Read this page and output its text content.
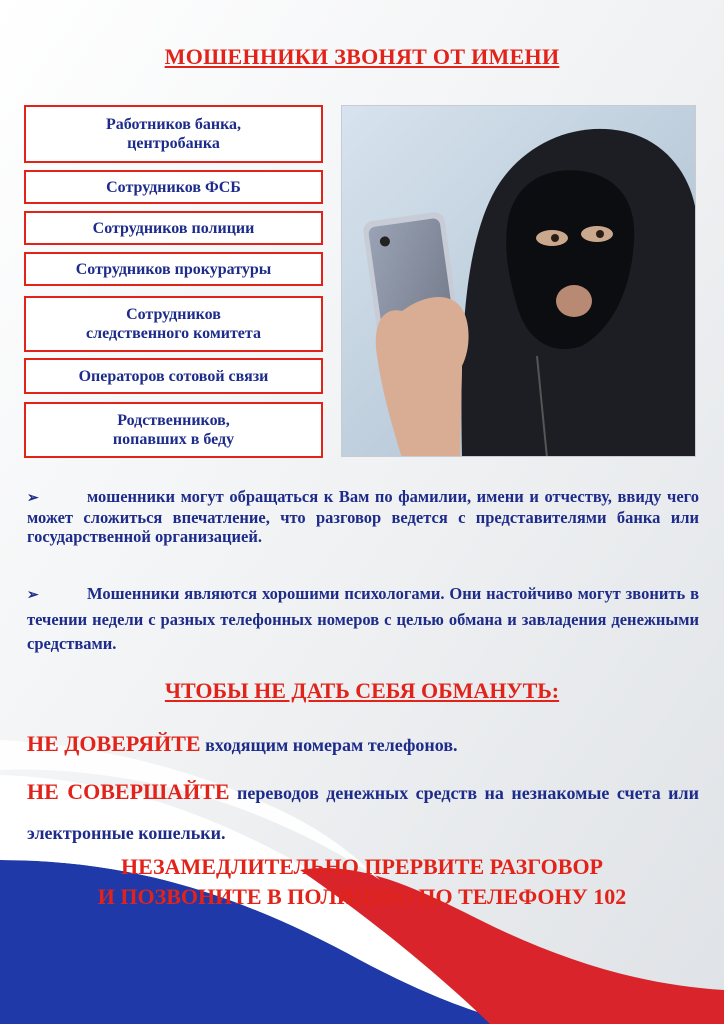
МОШЕННИКИ ЗВОНЯТ ОТ ИМЕНИ
Работников банка,
центробанка
Сотрудников ФСБ
Сотрудников полиции
Сотрудников прокуратуры
Сотрудников
следственного комитета
Операторов сотовой связи
Родственников,
попавших в беду
➢	мошенники могут обращаться к Вам по фамилии, имени и отчеству, ввиду чего может сложиться впечатление, что разговор ведется с представителями банка или государственной организацией.
➢	Мошенники являются хорошими психологами. Они настойчиво могут звонить в течении недели с разных телефонных номеров с целью обмана и завладения денежными средствами.
ЧТОБЫ НЕ ДАТЬ СЕБЯ ОБМАНУТЬ:
НЕ ДОВЕРЯЙТЕ входящим номерам телефонов.
НЕ СОВЕРШАЙТЕ переводов денежных средств на незнакомые счета или электронные кошельки.
НЕЗАМЕДЛИТЕЛЬНО ПРЕРВИТЕ РАЗГОВОР
И ПОЗВОНИТЕ В ПОЛИЦИЮ ПО ТЕЛЕФОНУ 102
